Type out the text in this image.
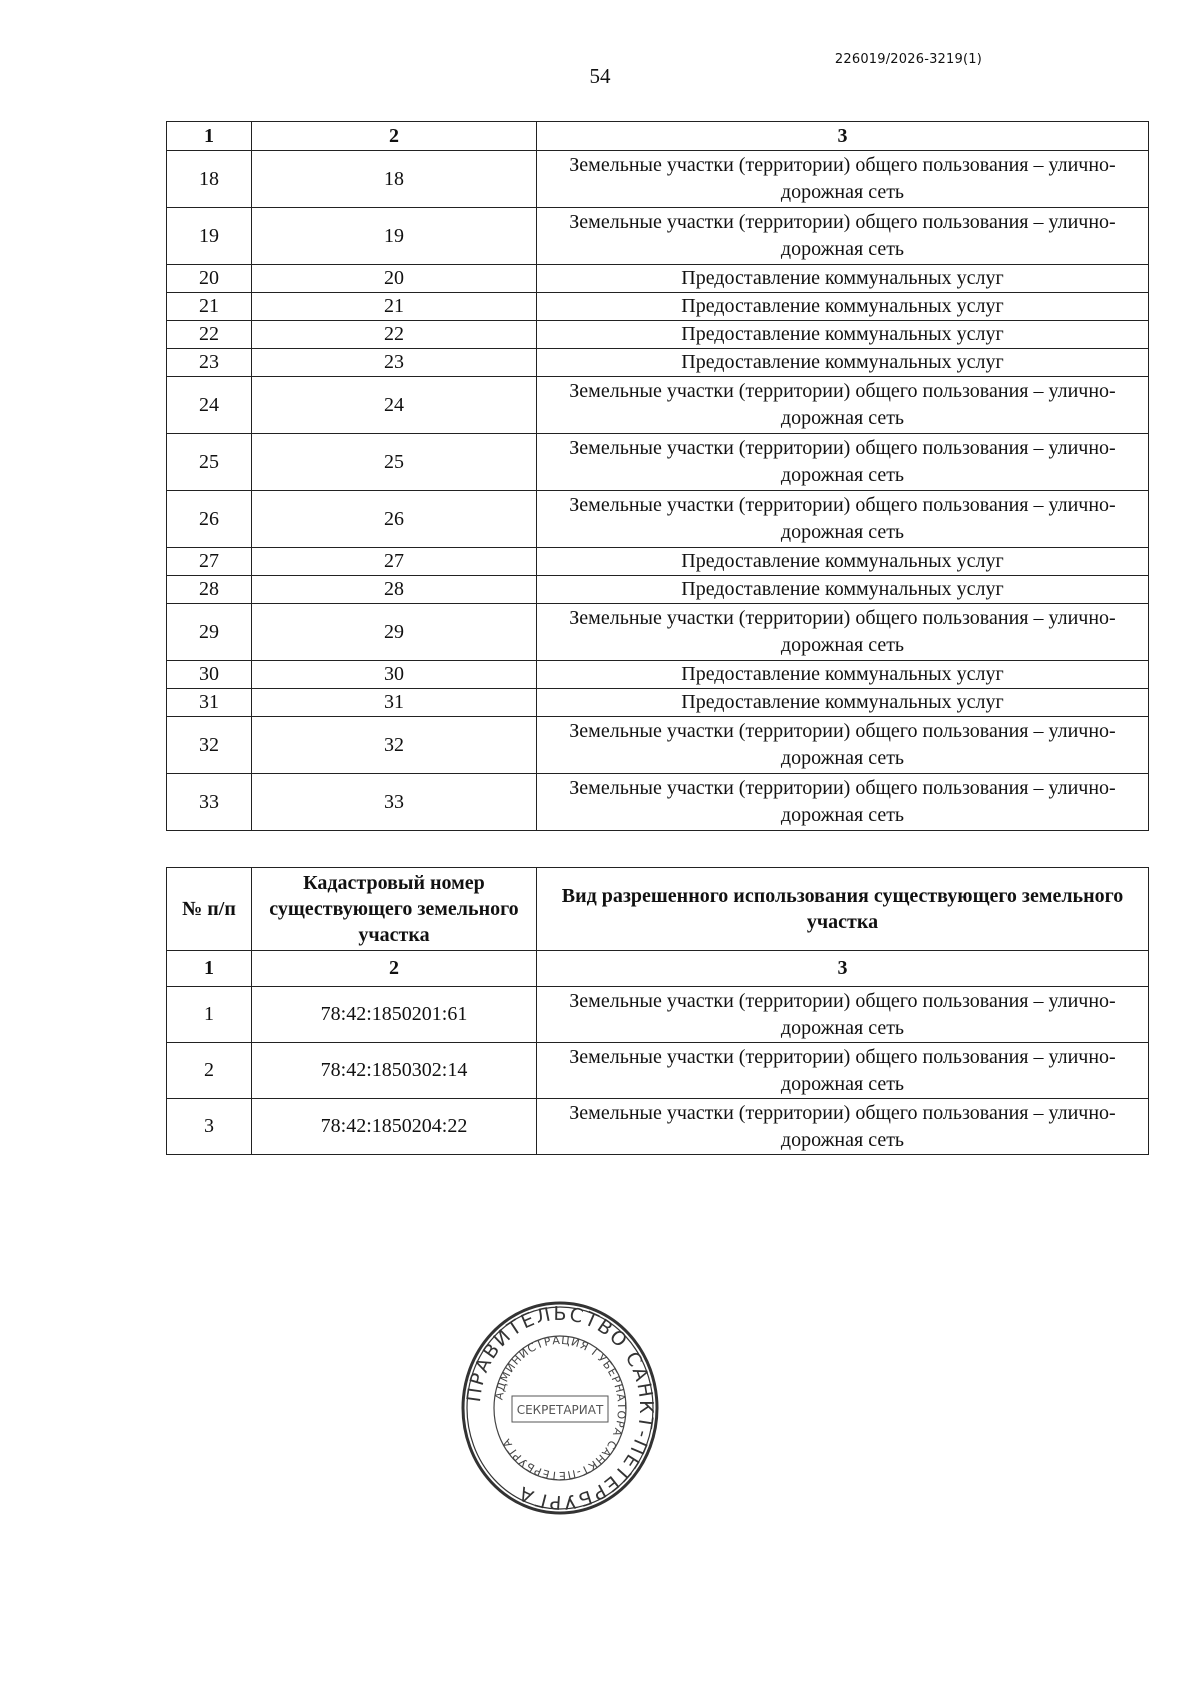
226019/2026-3219(1)
54
1	2	3
18	18	Земельные участки (территории) общего пользования – улично-дорожная сеть
19	19	Земельные участки (территории) общего пользования – улично-дорожная сеть
20	20	Предоставление коммунальных услуг
21	21	Предоставление коммунальных услуг
22	22	Предоставление коммунальных услуг
23	23	Предоставление коммунальных услуг
24	24	Земельные участки (территории) общего пользования – улично-дорожная сеть
25	25	Земельные участки (территории) общего пользования – улично-дорожная сеть
26	26	Земельные участки (территории) общего пользования – улично-дорожная сеть
27	27	Предоставление коммунальных услуг
28	28	Предоставление коммунальных услуг
29	29	Земельные участки (территории) общего пользования – улично-дорожная сеть
30	30	Предоставление коммунальных услуг
31	31	Предоставление коммунальных услуг
32	32	Земельные участки (территории) общего пользования – улично-дорожная сеть
33	33	Земельные участки (территории) общего пользования – улично-дорожная сеть
№ п/п	Кадастровый номер существующего земельного участка	Вид разрешенного использования существующего земельного участка
1	2	3
1	78:42:1850201:61	Земельные участки (территории) общего пользования – улично-дорожная сеть
2	78:42:1850302:14	Земельные участки (территории) общего пользования – улично-дорожная сеть
3	78:42:1850204:22	Земельные участки (территории) общего пользования – улично-дорожная сеть
ПРАВИТЕЛЬСТВО САНКТ-ПЕТЕРБУРГА
АДМИНИСТРАЦИЯ ГУБЕРНАТОРА САНКТ-ПЕТЕРБУРГА
СЕКРЕТАРИАТ
